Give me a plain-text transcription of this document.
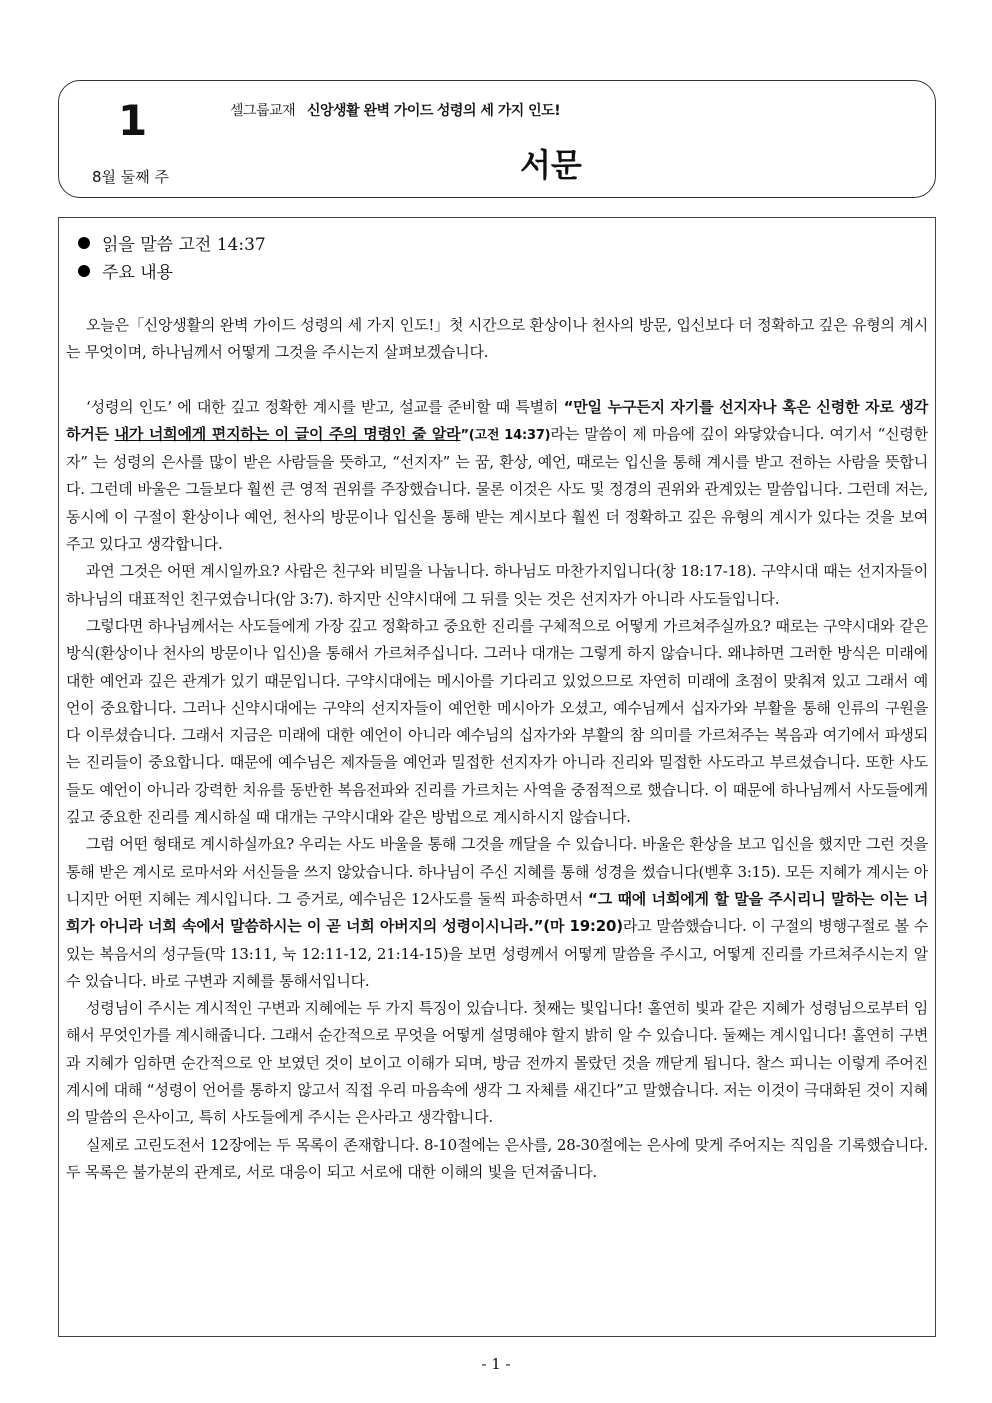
1
8월 둘째 주
셀그룹교재 신앙생활 완벽 가이드 성령의 세 가지 인도!
서문
읽을 말씀 고전 14:37
주요 내용

오늘은「신앙생활의 완벽 가이드 성령의 세 가지 인도!」첫 시간으로 환상이나 천사의 방문, 입신보다 더 정확하고 깊은 유형의 계시는 무엇이며, 하나님께서 어떻게 그것을 주시는지 살펴보겠습니다.

‘성령의 인도’ 에 대한 깊고 정확한 계시를 받고, 설교를 준비할 때 특별히 “만일 누구든지 자기를 선지자나 혹은 신령한 자로 생각하거든 내가 너희에게 편지하는 이 글이 주의 명령인 줄 알라”(고전 14:37)라는 말씀이 제 마음에 깊이 와닿았습니다. 여기서 “신령한 자” 는 성령의 은사를 많이 받은 사람들을 뜻하고, “선지자” 는 꿈, 환상, 예언, 때로는 입신을 통해 계시를 받고 전하는 사람을 뜻합니다. 그런데 바울은 그들보다 훨씬 큰 영적 권위를 주장했습니다. 물론 이것은 사도 및 정경의 권위와 관계있는 말씀입니다. 그런데 저는, 동시에 이 구절이 환상이나 예언, 천사의 방문이나 입신을 통해 받는 계시보다 훨씬 더 정확하고 깊은 유형의 계시가 있다는 것을 보여주고 있다고 생각합니다.

과연 그것은 어떤 계시일까요? 사람은 친구와 비밀을 나눕니다. 하나님도 마찬가지입니다(창 18:17-18). 구약시대 때는 선지자들이 하나님의 대표적인 친구였습니다(암 3:7). 하지만 신약시대에 그 뒤를 잇는 것은 선지자가 아니라 사도들입니다.

그렇다면 하나님께서는 사도들에게 가장 깊고 정확하고 중요한 진리를 구체적으로 어떻게 가르쳐주실까요? 때로는 구약시대와 같은 방식(환상이나 천사의 방문이나 입신)을 통해서 가르쳐주십니다. 그러나 대개는 그렇게 하지 않습니다. 왜냐하면 그러한 방식은 미래에 대한 예언과 깊은 관계가 있기 때문입니다. 구약시대에는 메시아를 기다리고 있었으므로 자연히 미래에 초점이 맞춰져 있고 그래서 예언이 중요합니다. 그러나 신약시대에는 구약의 선지자들이 예언한 메시아가 오셨고, 예수님께서 십자가와 부활을 통해 인류의 구원을 다 이루셨습니다. 그래서 지금은 미래에 대한 예언이 아니라 예수님의 십자가와 부활의 참 의미를 가르쳐주는 복음과 여기에서 파생되는 진리들이 중요합니다. 때문에 예수님은 제자들을 예언과 밀접한 선지자가 아니라 진리와 밀접한 사도라고 부르셨습니다. 또한 사도들도 예언이 아니라 강력한 치유를 동반한 복음전파와 진리를 가르치는 사역을 중점적으로 했습니다. 이 때문에 하나님께서 사도들에게 깊고 중요한 진리를 계시하실 때 대개는 구약시대와 같은 방법으로 계시하시지 않습니다.

그럼 어떤 형태로 계시하실까요? 우리는 사도 바울을 통해 그것을 깨달을 수 있습니다. 바울은 환상을 보고 입신을 했지만 그런 것을 통해 받은 계시로 로마서와 서신들을 쓰지 않았습니다. 하나님이 주신 지혜를 통해 성경을 썼습니다(벧후 3:15). 모든 지혜가 계시는 아니지만 어떤 지혜는 계시입니다. 그 증거로, 예수님은 12사도를 둘씩 파송하면서 “그 때에 너희에게 할 말을 주시리니 말하는 이는 너희가 아니라 너희 속에서 말씀하시는 이 곧 너희 아버지의 성령이시니라.”(마 19:20)라고 말씀했습니다. 이 구절의 병행구절로 볼 수 있는 복음서의 성구들(막 13:11, 눅 12:11-12, 21:14-15)을 보면 성령께서 어떻게 말씀을 주시고, 어떻게 진리를 가르쳐주시는지 알 수 있습니다. 바로 구변과 지혜를 통해서입니다.

성령님이 주시는 계시적인 구변과 지혜에는 두 가지 특징이 있습니다. 첫째는 빛입니다! 홀연히 빛과 같은 지혜가 성령님으로부터 임해서 무엇인가를 계시해줍니다. 그래서 순간적으로 무엇을 어떻게 설명해야 할지 밝히 알 수 있습니다. 둘째는 계시입니다! 홀연히 구변과 지혜가 임하면 순간적으로 안 보였던 것이 보이고 이해가 되며, 방금 전까지 몰랐던 것을 깨닫게 됩니다. 찰스 피니는 이렇게 주어진 계시에 대해 “성령이 언어를 통하지 않고서 직접 우리 마음속에 생각 그 자체를 새긴다”고 말했습니다. 저는 이것이 극대화된 것이 지혜의 말씀의 은사이고, 특히 사도들에게 주시는 은사라고 생각합니다.

실제로 고린도전서 12장에는 두 목록이 존재합니다. 8-10절에는 은사를, 28-30절에는 은사에 맞게 주어지는 직임을 기록했습니다. 두 목록은 불가분의 관계로, 서로 대응이 되고 서로에 대한 이해의 빛을 던져줍니다.

- 1 -
